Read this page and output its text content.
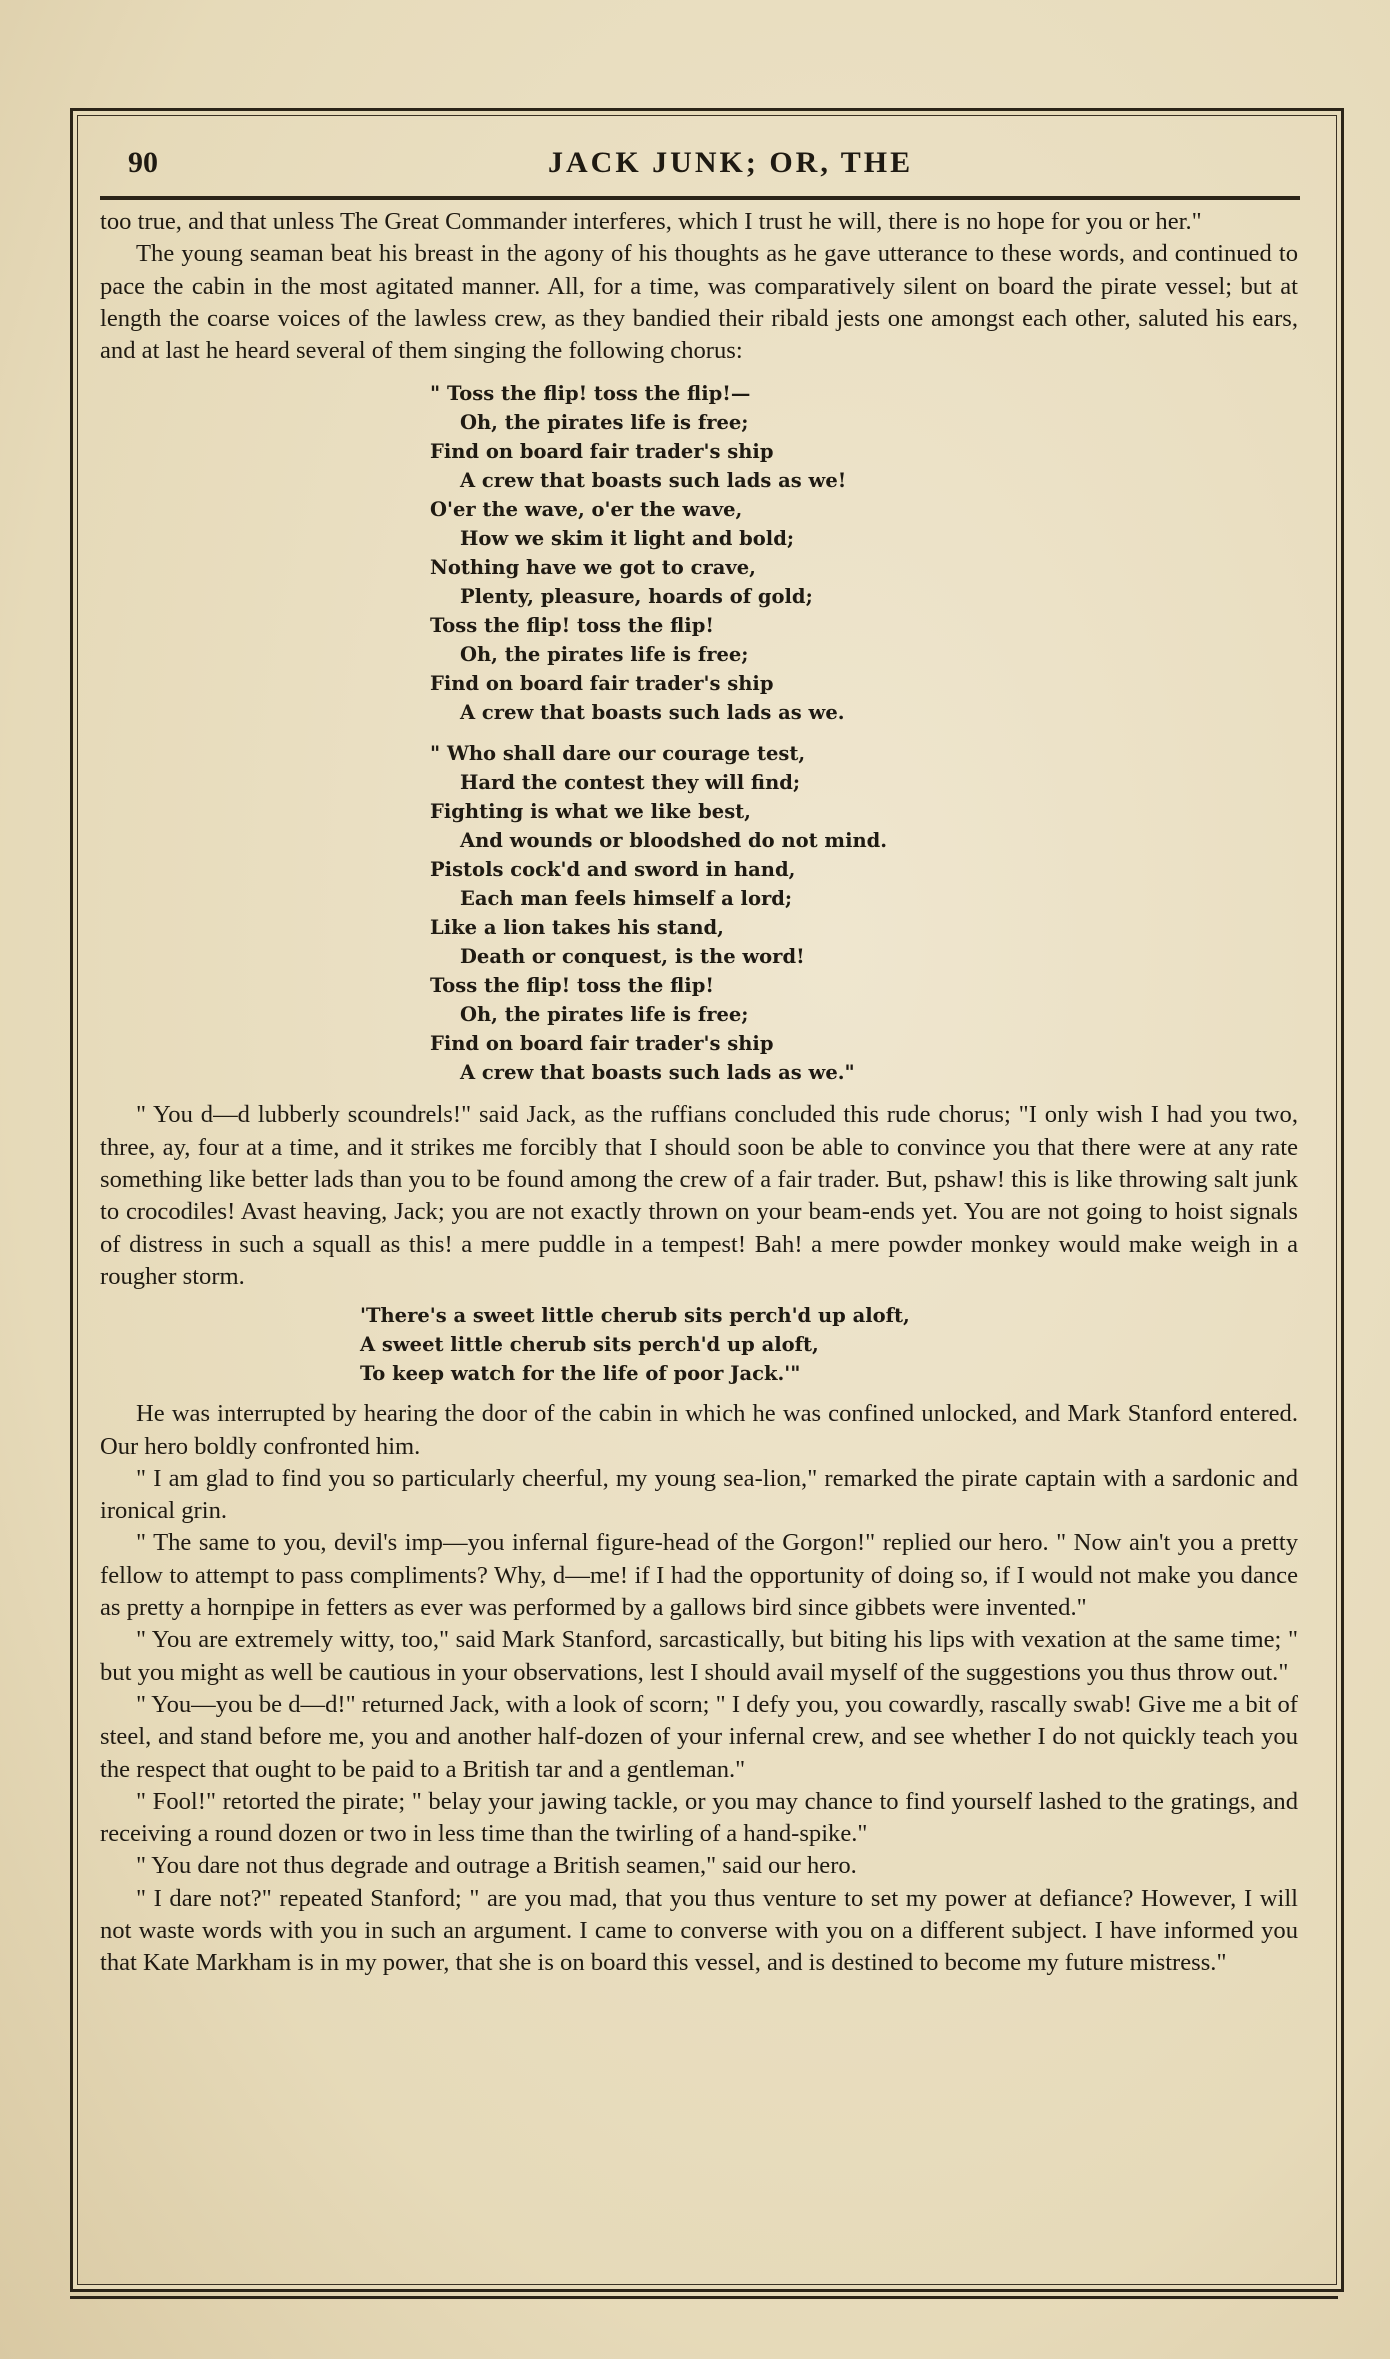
90	JACK JUNK; OR, THE

too true, and that unless The Great Commander interferes, which I trust he will, there is no hope for you or her."

The young seaman beat his breast in the agony of his thoughts as he gave utterance to these words, and continued to pace the cabin in the most agitated manner. All, for a time, was comparatively silent on board the pirate vessel; but at length the coarse voices of the lawless crew, as they bandied their ribald jests one amongst each other, saluted his ears, and at last he heard several of them singing the following chorus:

" Toss the flip! toss the flip!—
Oh, the pirates life is free;
Find on board fair trader's ship
A crew that boasts such lads as we!
O'er the wave, o'er the wave,
How we skim it light and bold;
Nothing have we got to crave,
Plenty, pleasure, hoards of gold;
Toss the flip! toss the flip!
Oh, the pirates life is free;
Find on board fair trader's ship
A crew that boasts such lads as we.
" Who shall dare our courage test,
Hard the contest they will find;
Fighting is what we like best,
And wounds or bloodshed do not mind.
Pistols cock'd and sword in hand,
Each man feels himself a lord;
Like a lion takes his stand,
Death or conquest, is the word!
Toss the flip! toss the flip!
Oh, the pirates life is free;
Find on board fair trader's ship
A crew that boasts such lads as we."

" You d—d lubberly scoundrels!" said Jack, as the ruffians concluded this rude chorus; "I only wish I had you two, three, ay, four at a time, and it strikes me forcibly that I should soon be able to convince you that there were at any rate something like better lads than you to be found among the crew of a fair trader. But, pshaw! this is like throwing salt junk to crocodiles! Avast heaving, Jack; you are not exactly thrown on your beam-ends yet. You are not going to hoist signals of distress in such a squall as this! a mere puddle in a tempest! Bah! a mere powder monkey would make weigh in a rougher storm.

'There's a sweet little cherub sits perch'd up aloft,
A sweet little cherub sits perch'd up aloft,
To keep watch for the life of poor Jack.'"

He was interrupted by hearing the door of the cabin in which he was confined unlocked, and Mark Stanford entered. Our hero boldly confronted him.

" I am glad to find you so particularly cheerful, my young sea-lion," remarked the pirate captain with a sardonic and ironical grin.

" The same to you, devil's imp—you infernal figure-head of the Gorgon!" replied our hero. " Now ain't you a pretty fellow to attempt to pass compliments? Why, d—me! if I had the opportunity of doing so, if I would not make you dance as pretty a hornpipe in fetters as ever was performed by a gallows bird since gibbets were invented."

" You are extremely witty, too," said Mark Stanford, sarcastically, but biting his lips with vexation at the same time; " but you might as well be cautious in your observations, lest I should avail myself of the suggestions you thus throw out."

" You—you be d—d!" returned Jack, with a look of scorn; " I defy you, you cowardly, rascally swab! Give me a bit of steel, and stand before me, you and another half-dozen of your infernal crew, and see whether I do not quickly teach you the respect that ought to be paid to a British tar and a gentleman."

" Fool!" retorted the pirate; " belay your jawing tackle, or you may chance to find yourself lashed to the gratings, and receiving a round dozen or two in less time than the twirling of a hand-spike."

" You dare not thus degrade and outrage a British seamen," said our hero.

" I dare not?" repeated Stanford; " are you mad, that you thus venture to set my power at defiance? However, I will not waste words with you in such an argument. I came to converse with you on a different subject. I have informed you that Kate Markham is in my power, that she is on board this vessel, and is destined to become my future mistress."
